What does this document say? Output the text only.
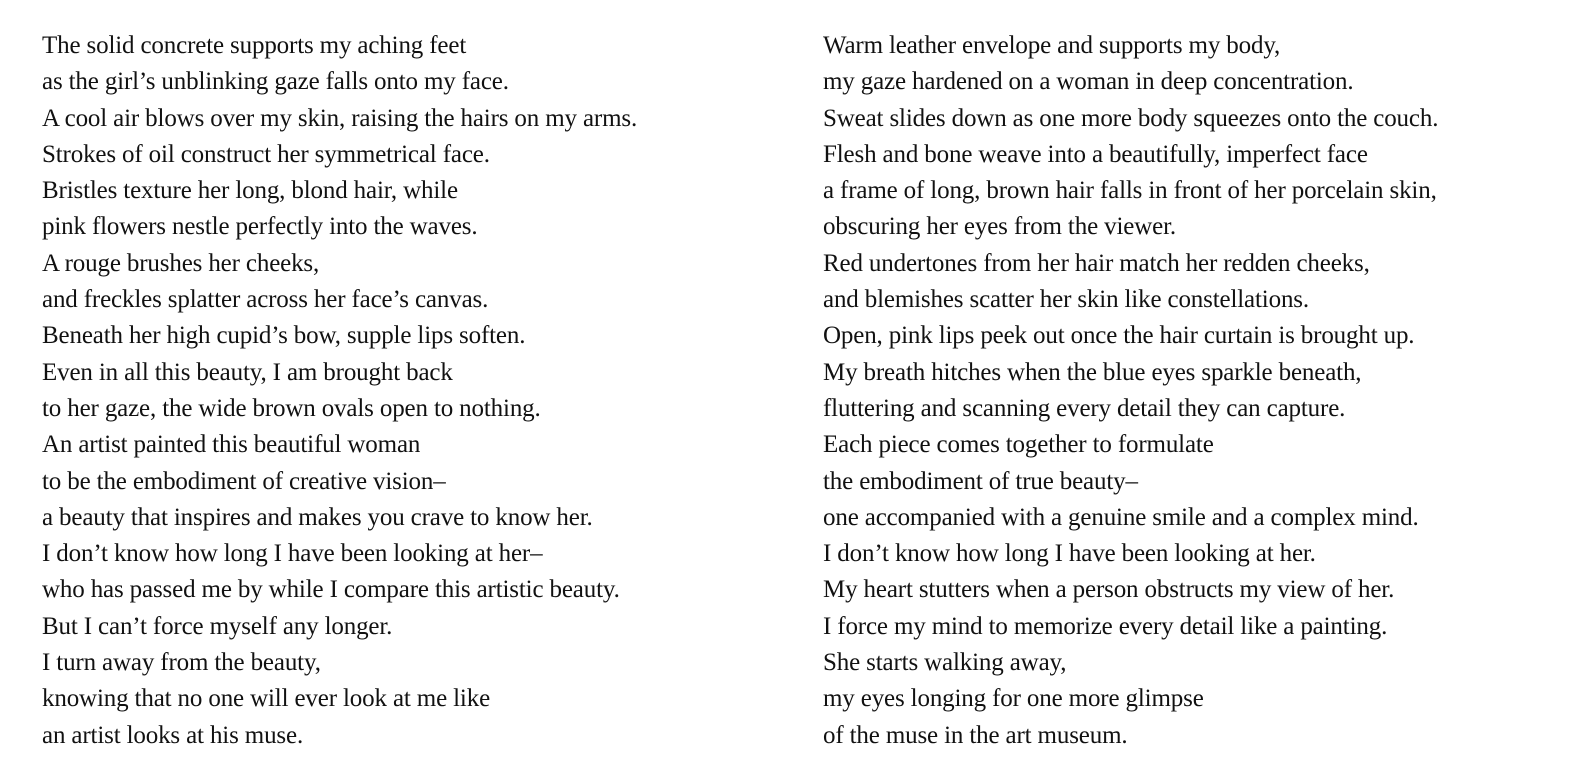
The solid concrete supports my aching feet
as the girl’s unblinking gaze falls onto my face.
A cool air blows over my skin, raising the hairs on my arms.
Strokes of oil construct her symmetrical face.
Bristles texture her long, blond hair, while
pink flowers nestle perfectly into the waves.
A rouge brushes her cheeks,
and freckles splatter across her face’s canvas.
Beneath her high cupid’s bow, supple lips soften.
Even in all this beauty, I am brought back
to her gaze, the wide brown ovals open to nothing.
An artist painted this beautiful woman
to be the embodiment of creative vision–
a beauty that inspires and makes you crave to know her.
I don’t know how long I have been looking at her–
who has passed me by while I compare this artistic beauty.
But I can’t force myself any longer.
I turn away from the beauty,
knowing that no one will ever look at me like
an artist looks at his muse.
Warm leather envelope and supports my body,
my gaze hardened on a woman in deep concentration.
Sweat slides down as one more body squeezes onto the couch.
Flesh and bone weave into a beautifully, imperfect face
a frame of long, brown hair falls in front of her porcelain skin,
obscuring her eyes from the viewer.
Red undertones from her hair match her redden cheeks,
and blemishes scatter her skin like constellations.
Open, pink lips peek out once the hair curtain is brought up.
My breath hitches when the blue eyes sparkle beneath,
fluttering and scanning every detail they can capture.
Each piece comes together to formulate
the embodiment of true beauty–
one accompanied with a genuine smile and a complex mind.
I don’t know how long I have been looking at her.
My heart stutters when a person obstructs my view of her.
I force my mind to memorize every detail like a painting.
She starts walking away,
my eyes longing for one more glimpse
of the muse in the art museum.
